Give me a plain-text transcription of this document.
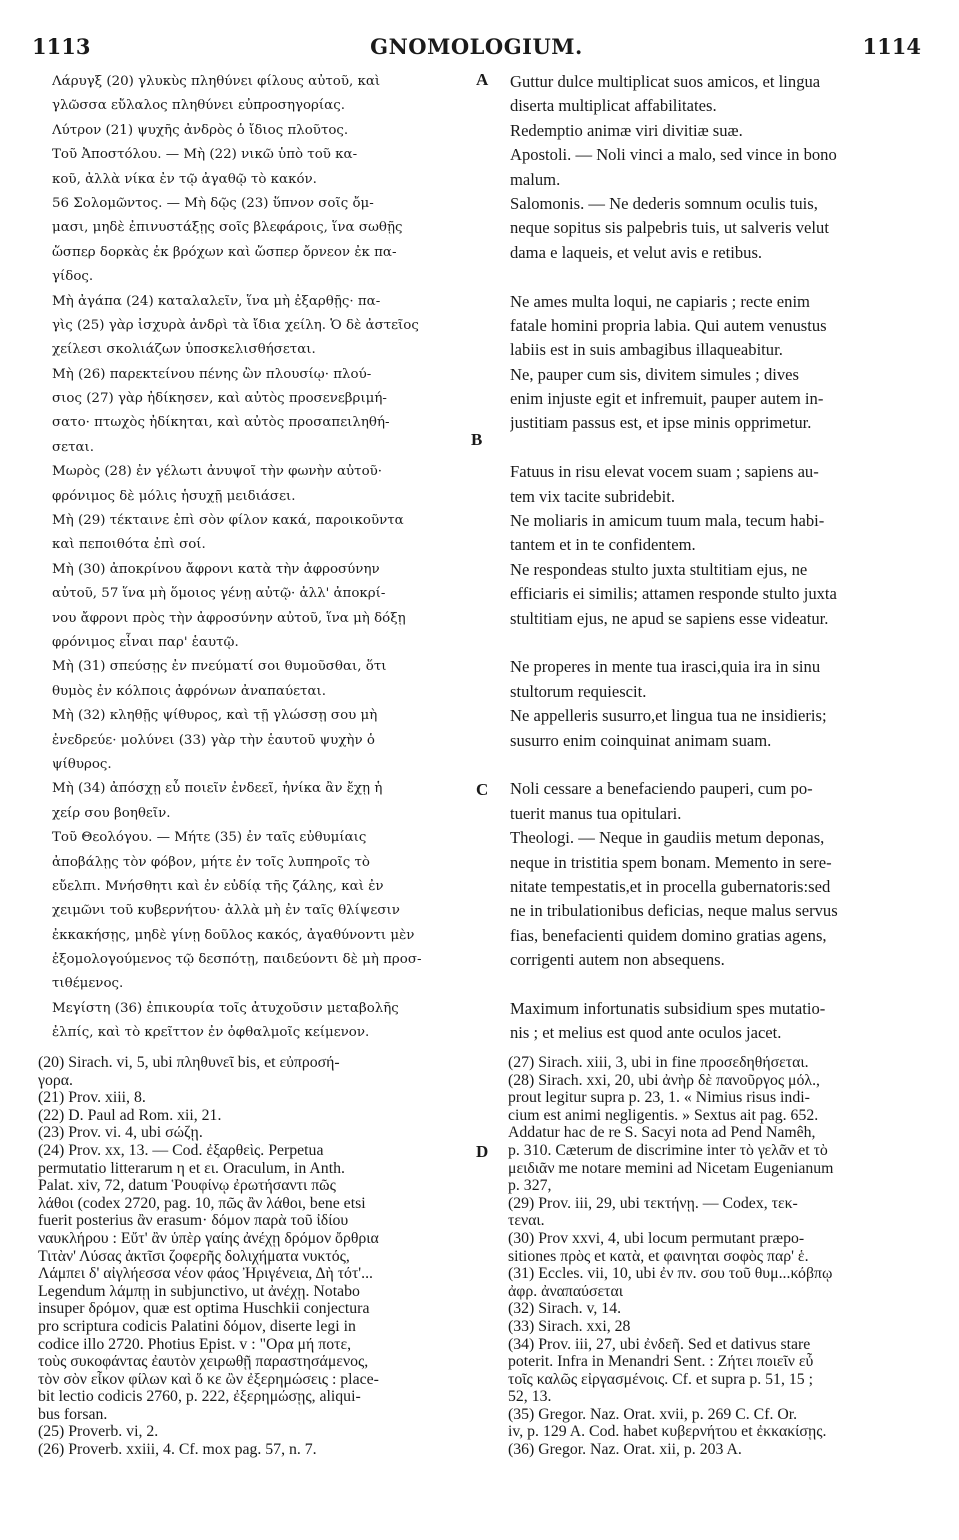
1113	GNOMOLOGIUM.	1114
A
B
C
D
Λάρυγξ (20) γλυκὺς πληθύνει φίλους αὐτοῦ, καὶ
γλῶσσα εὔλαλος πληθύνει εὐπροσηγορίας.
Λύτρον (21) ψυχῆς ἀνδρὸς ὁ ἴδιος πλοῦτος.
Τοῦ Ἀποστόλου. — Μὴ (22) νικῶ ὑπὸ τοῦ κα-
κοῦ, ἀλλὰ νίκα ἐν τῷ ἀγαθῷ τὸ κακόν.
56 Σολομῶντος. — Μὴ δῷς (23) ὕπνον σοῖς ὄμ-
μασι, μηδὲ ἐπινυστάξῃς σοῖς βλεφάροις, ἵνα σωθῇς
ὥσπερ δορκὰς ἐκ βρόχων καὶ ὥσπερ ὄρνεον ἐκ πα-
γίδος.
Μὴ ἀγάπα (24) καταλαλεῖν, ἵνα μὴ ἐξαρθῇς· πα-
γὶς (25) γὰρ ἰσχυρὰ ἀνδρὶ τὰ ἴδια χείλη. Ὁ δὲ ἀστεῖος
χείλεσι σκολιάζων ὑποσκελισθήσεται.
Μὴ (26) παρεκτείνου πένης ὢν πλουσίῳ· πλού-
σιος (27) γὰρ ἠδίκησεν, καὶ αὐτὸς προσενεβριμή-
σατο· πτωχὸς ἠδίκηται, καὶ αὐτὸς προσαπειληθή-
σεται.
Μωρὸς (28) ἐν γέλωτι ἀνυψοῖ τὴν φωνὴν αὐτοῦ·
φρόνιμος δὲ μόλις ἡσυχῇ μειδιάσει.
Μὴ (29) τέκταινε ἐπὶ σὸν φίλον κακά, παροικοῦντα
καὶ πεποιθότα ἐπὶ σοί.
Μὴ (30) ἀποκρίνου ἄφρονι κατὰ τὴν ἀφροσύνην
αὐτοῦ, 57 ἵνα μὴ ὅμοιος γένῃ αὐτῷ· ἀλλ' ἀποκρί-
νου ἄφρονι πρὸς τὴν ἀφροσύνην αὐτοῦ, ἵνα μὴ δόξῃ
φρόνιμος εἶναι παρ' ἑαυτῷ.
Μὴ (31) σπεύσῃς ἐν πνεύματί σοι θυμοῦσθαι, ὅτι
θυμὸς ἐν κόλποις ἀφρόνων ἀναπαύεται.
Μὴ (32) κληθῇς ψίθυρος, καὶ τῇ γλώσσῃ σου μὴ
ἐνεδρεύε· μολύνει (33) γὰρ τὴν ἑαυτοῦ ψυχὴν ὁ
ψίθυρος.
Μὴ (34) ἀπόσχῃ εὖ ποιεῖν ἐνδεεῖ, ἡνίκα ἂν ἔχῃ ἡ
χείρ σου βοηθεῖν.
Τοῦ Θεολόγου. — Μήτε (35) ἐν ταῖς εὐθυμίαις
ἀποβάλῃς τὸν φόβον, μήτε ἐν τοῖς λυπηροῖς τὸ
εὔελπι. Μνήσθητι καὶ ἐν εὐδίᾳ τῆς ζάλης, καὶ ἐν
χειμῶνι τοῦ κυβερνήτου· ἀλλὰ μὴ ἐν ταῖς θλίψεσιν
ἐκκακήσῃς, μηδὲ γίνῃ δοῦλος κακός, ἀγαθύνοντι μὲν
ἐξομολογούμενος τῷ δεσπότῃ, παιδεύοντι δὲ μὴ προσ-
τιθέμενος.
Μεγίστη (36) ἐπικουρία τοῖς ἀτυχοῦσιν μεταβολῆς
ἐλπίς, καὶ τὸ κρεῖττον ἐν ὀφθαλμοῖς κείμενον.
Guttur dulce multiplicat suos amicos, et lingua
diserta multiplicat affabilitates.
Redemptio animæ viri divitiæ suæ.
Apostoli. — Noli vinci a malo, sed vince in bono
malum.
Salomonis. — Ne dederis somnum oculis tuis,
neque sopitus sis palpebris tuis, ut salveris velut
dama e laqueis, et velut avis e retibus.
Ne ames multa loqui, ne capiaris ; recte enim
fatale homini propria labia. Qui autem venustus
labiis est in suis ambagibus illaqueabitur.
Ne, pauper cum sis, divitem simules ; dives
enim injuste egit et infremuit, pauper autem in-
justitiam passus est, et ipse minis opprimetur.
Fatuus in risu elevat vocem suam ; sapiens au-
tem vix tacite subridebit.
Ne moliaris in amicum tuum mala, tecum habi-
tantem et in te confidentem.
Ne respondeas stulto juxta stultitiam ejus, ne
efficiaris ei similis; attamen responde stulto juxta
stultitiam ejus, ne apud se sapiens esse videatur.
Ne properes in mente tua irasci,quia ira in sinu
stultorum requiescit.
Ne appelleris susurro,et lingua tua ne insidieris;
susurro enim coinquinat animam suam.
Noli cessare a benefaciendo pauperi, cum po-
tuerit manus tua opitulari.
Theologi. — Neque in gaudiis metum deponas,
neque in tristitia spem bonam. Memento in sere-
nitate tempestatis,et in procella gubernatoris:sed
ne in tribulationibus deficias, neque malus servus
fias, benefacienti quidem domino gratias agens,
corrigenti autem non absequens.
Maximum infortunatis subsidium spes mutatio-
nis ; et melius est quod ante oculos jacet.
(20) Sirach. vi, 5, ubi πληθυνεῖ bis, et εὐπροσή-
γορα.
(21) Prov. xiii, 8.
(22) D. Paul ad Rom. xii, 21.
(23) Prov. vi. 4, ubi σώζῃ.
(24) Prov. xx, 13. — Cod. ἐξαρθεὶς. Perpetua
permutatio litterarum η et ει. Oraculum, in Anth.
Palat. xiv, 72, datum Ῥουφίνῳ ἐρωτήσαντι πῶς
λάθοι (codex 2720, pag. 10, πῶς ἂν λάθοι, bene etsi
fuerit posterius ἂν erasum· δόμον παρὰ τοῦ ἰδίου
ναυκλήρου : Εὔτ' ἂν ὑπὲρ γαίης ἀνέχῃ δρόμον ὄρθρια
Τιτὰν' Λύσας ἀκτῖσι ζοφερῆς δολιχήματα νυκτός,
Λάμπει δ' αἰγλήεσσα νέον φάος Ἠριγένεια, Δὴ τότ'...
Legendum λάμπῃ in subjunctivo, ut ἀνέχῃ. Notabo
insuper δρόμον, quæ est optima Huschkii conjectura
pro scriptura codicis Palatini δόμον, diserte legi in
codice illo 2720. Photius Epist. v : "Ορα μή ποτε,
τοὺς συκοφάντας ἐαυτὸν χειρωθῇ παραστησάμενος,
τὸν σὸν εἶκον φίλων καὶ ὅ κε ὢν ἐξερημώσεις : place-
bit lectio codicis 2760, p. 222, ἐξερημώσῃς, aliqui-
bus forsan.
(25) Proverb. vi, 2.
(26) Proverb. xxiii, 4. Cf. mox pag. 57, n. 7.
(27) Sirach. xiii, 3, ubi in fine προσεδηθήσεται.
(28) Sirach. xxi, 20, ubi ἀνὴρ δὲ πανοῦργος μόλ.,
prout legitur supra p. 23, 1. « Nimius risus indi-
cium est animi negligentis. » Sextus ait pag. 652.
Addatur hac de re S. Sacyi nota ad Pend Namêh,
p. 310. Cæterum de discrimine inter τὸ γελᾶν et τὸ
μειδιᾶν me notare memini ad Nicetam Eugenianum
p. 327,
(29) Prov. iii, 29, ubi τεκτήνῃ. — Codex, τεκ-
τεναι.
(30) Prov xxvi, 4, ubi locum permutant præpo-
sitiones πρὸς et κατὰ, et φαινηται σοφὸς παρ' ἑ.
(31) Eccles. vii, 10, ubi ἐν πν. σου τοῦ θυμ...κόβπῳ
ἀφρ. ἀναπαύσεται
(32) Sirach. v, 14.
(33) Sirach. xxi, 28
(34) Prov. iii, 27, ubi ἐνδεῆ. Sed et dativus stare
poterit. Infra in Menandri Sent. : Ζήτει ποιεῖν εὖ
τοῖς καλῶς εἰργασμένοις. Cf. et supra p. 51, 15 ;
52, 13.
(35) Gregor. Naz. Orat. xvii, p. 269 C. Cf. Or.
iv, p. 129 A. Cod. habet κυβερνήτου et ἐκκακίσῃς.
(36) Gregor. Naz. Orat. xii, p. 203 A.
